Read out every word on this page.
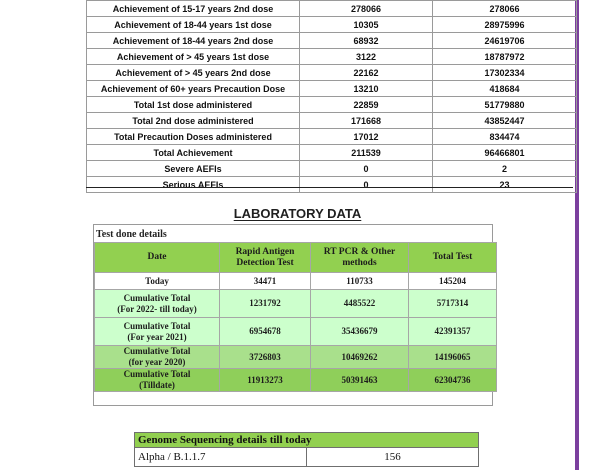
Achievement of 15-17 years 2nd dose	278066	278066
Achievement of 18-44 years 1st dose	10305	28975996
Achievement of 18-44 years 2nd dose	68932	24619706
Achievement of > 45 years 1st dose	3122	18787972
Achievement of > 45 years 2nd dose	22162	17302334
Achievement of 60+ years Precaution Dose	13210	418684
Total 1st dose administered	22859	51779880
Total 2nd dose administered	171668	43852447
Total Precaution Doses administered	17012	834474
Total Achievement	211539	96466801
Severe AEFIs	0	2
Serious AEFIs	0	23
LABORATORY DATA
Test done details
Date	Rapid Antigen Detection Test	RT PCR & Other methods	Total Test
Today	34471	110733	145204
Cumulative Total
(For 2022- till today)	1231792	4485522	5717314
Cumulative Total
(For year 2021)	6954678	35436679	42391357
Cumulative Total
(for year 2020)	3726803	10469262	14196065
Cumulative Total
(Tilldate)	11913273	50391463	62304736
Genome Sequencing details till today
Alpha / B.1.1.7	156
